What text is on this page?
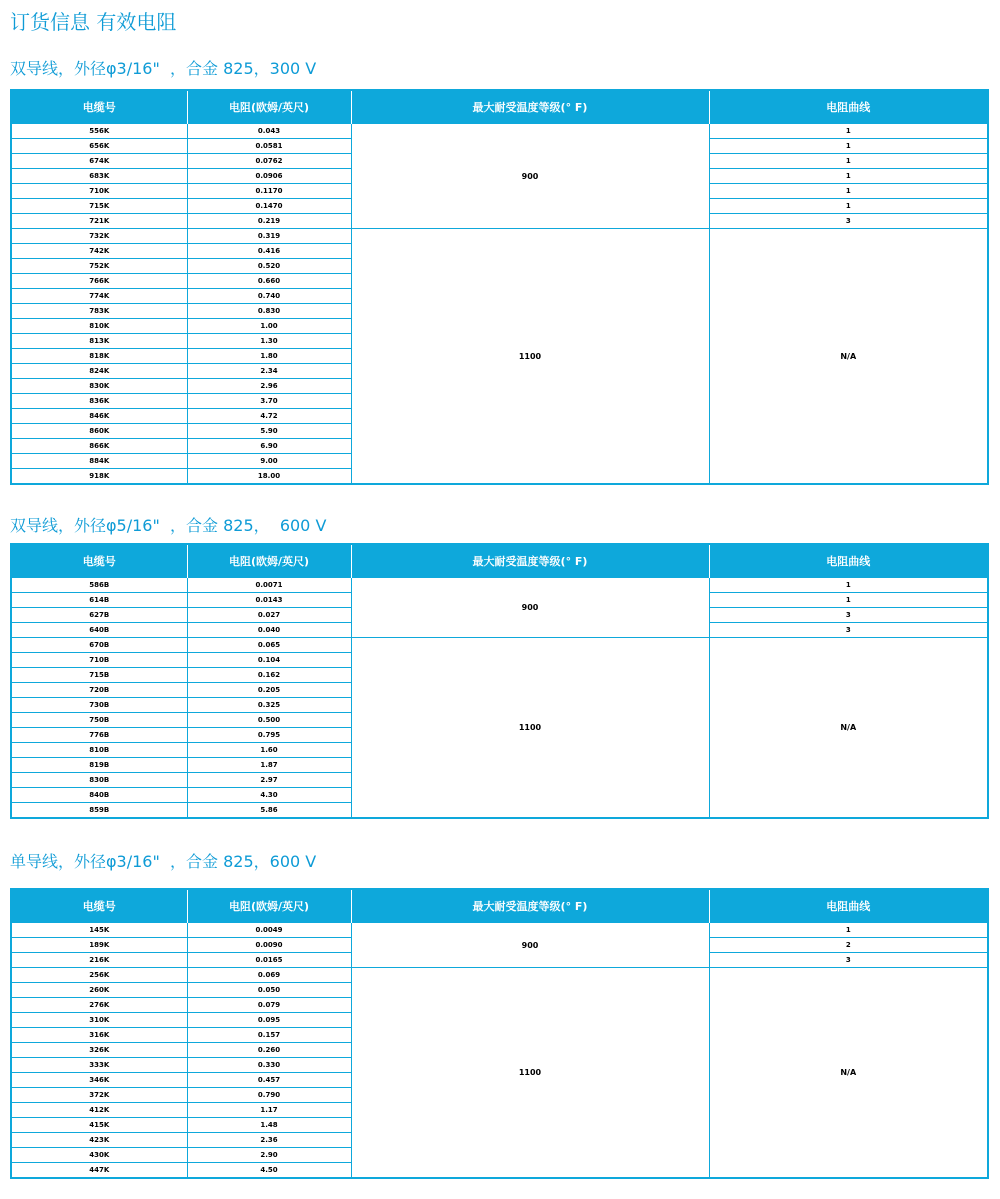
订货信息 有效电阻
双导线，外径φ3/16"  ，合金 825，300 V
电缆号	电阻(欧姆/英尺)	最大耐受温度等级(° F)	电阻曲线
556K	0.043	900	1
656K	0.0581		1
674K	0.0762		1
683K	0.0906		1
710K	0.1170		1
715K	0.1470		1
721K	0.219		3
732K	0.319	1100	N/A
742K	0.416		
752K	0.520		
766K	0.660		
774K	0.740		
783K	0.830		
810K	1.00		
813K	1.30		
818K	1.80		
824K	2.34		
830K	2.96		
836K	3.70		
846K	4.72		
860K	5.90		
866K	6.90		
884K	9.00		
918K	18.00		
双导线，外径φ5/16"  ，合金 825，  600 V
电缆号	电阻(欧姆/英尺)	最大耐受温度等级(° F)	电阻曲线
586B	0.0071	900	1
614B	0.0143		1
627B	0.027		3
640B	0.040		3
670B	0.065	1100	N/A
710B	0.104		
715B	0.162		
720B	0.205		
730B	0.325		
750B	0.500		
776B	0.795		
810B	1.60		
819B	1.87		
830B	2.97		
840B	4.30		
859B	5.86		
单导线，外径φ3/16"  ，合金 825，600 V
电缆号	电阻(欧姆/英尺)	最大耐受温度等级(° F)	电阻曲线
145K	0.0049	900	1
189K	0.0090		2
216K	0.0165		3
256K	0.069	1100	N/A
260K	0.050		
276K	0.079		
310K	0.095		
316K	0.157		
326K	0.260		
333K	0.330		
346K	0.457		
372K	0.790		
412K	1.17		
415K	1.48		
423K	2.36		
430K	2.90		
447K	4.50		
